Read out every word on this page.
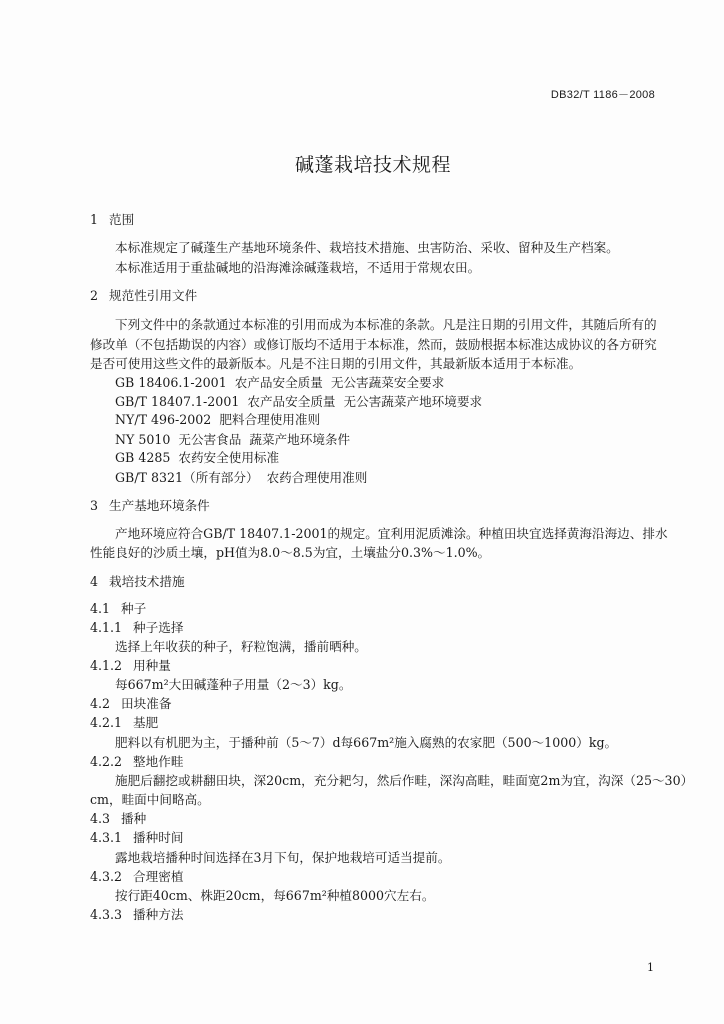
DB32/T 1186－2008
碱蓬栽培技术规程
1 范围
本标准规定了碱蓬生产基地环境条件、栽培技术措施、虫害防治、采收、留种及生产档案。
本标准适用于重盐碱地的沿海滩涂碱蓬栽培，不适用于常规农田。
2 规范性引用文件
下列文件中的条款通过本标准的引用而成为本标准的条款。凡是注日期的引用文件，其随后所有的
修改单（不包括勘误的内容）或修订版均不适用于本标准，然而，鼓励根据本标准达成协议的各方研究
是否可使用这些文件的最新版本。凡是不注日期的引用文件，其最新版本适用于本标准。
GB 18406.1-2001  农产品安全质量  无公害蔬菜安全要求
GB/T 18407.1-2001  农产品安全质量  无公害蔬菜产地环境要求
NY/T 496-2002  肥料合理使用准则
NY 5010  无公害食品  蔬菜产地环境条件
GB 4285  农药安全使用标准
GB/T 8321（所有部分）  农药合理使用准则
3 生产基地环境条件
产地环境应符合GB/T 18407.1-2001的规定。宜利用泥质滩涂。种植田块宜选择黄海沿海边、排水
性能良好的沙质土壤，pH值为8.0～8.5为宜，土壤盐分0.3%～1.0%。
4 栽培技术措施
4.1 种子
4.1.1 种子选择
选择上年收获的种子，籽粒饱满，播前晒种。
4.1.2 用种量
每667m²大田碱蓬种子用量（2～3）kg。
4.2 田块准备
4.2.1 基肥
肥料以有机肥为主，于播种前（5～7）d每667m²施入腐熟的农家肥（500～1000）kg。
4.2.2 整地作畦
施肥后翻挖或耕翻田块，深20cm，充分耙匀，然后作畦，深沟高畦，畦面宽2m为宜，沟深（25～30）
cm，畦面中间略高。
4.3 播种
4.3.1 播种时间
露地栽培播种时间选择在3月下旬，保护地栽培可适当提前。
4.3.2 合理密植
按行距40cm、株距20cm，每667m²种植8000穴左右。
4.3.3 播种方法
1
